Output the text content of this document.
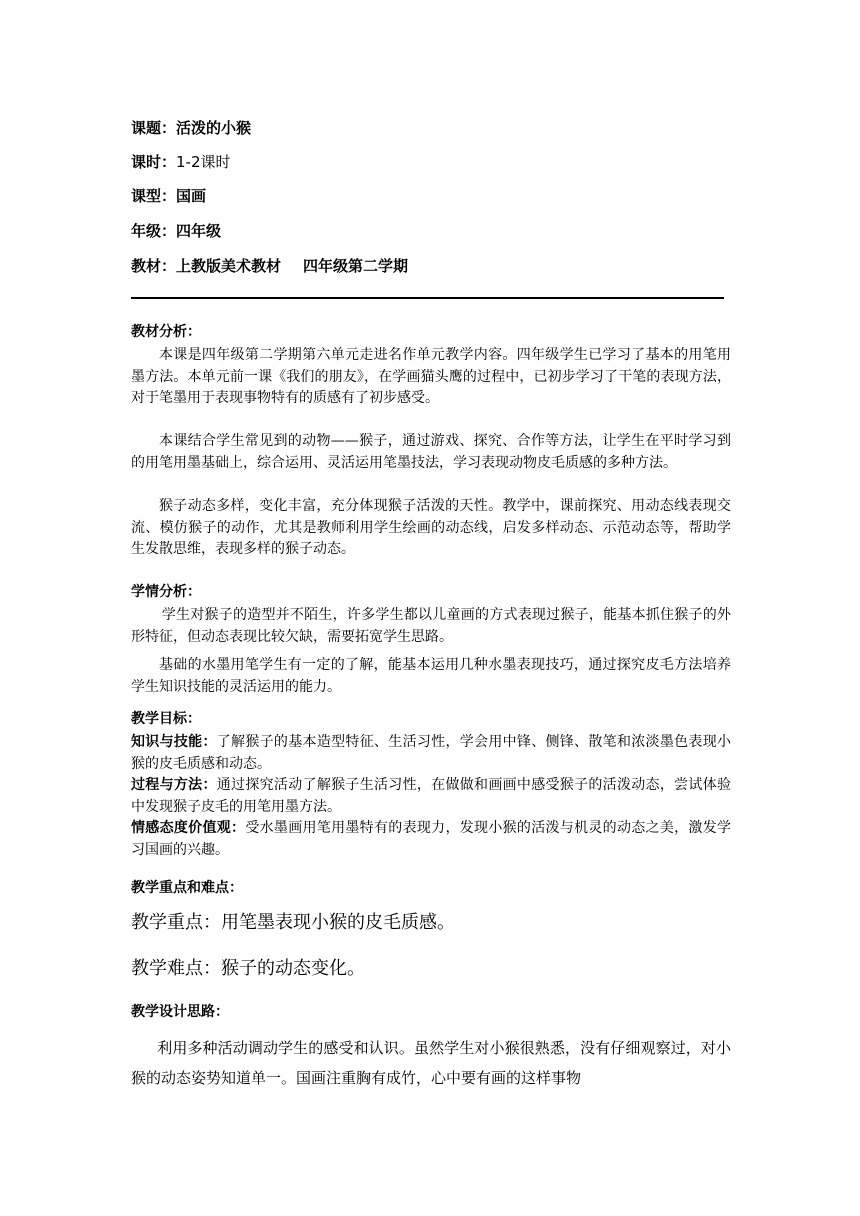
课题：活泼的小猴
课时：1-2课时
课型：国画
年级：四年级
教材：上教版美术教材 四年级第二学期
教材分析：

本课是四年级第二学期第六单元走进名作单元教学内容。四年级学生已学习了基本的用笔用墨方法。本单元前一课《我们的朋友》，在学画猫头鹰的过程中，已初步学习了干笔的表现方法，对于笔墨用于表现事物特有的质感有了初步感受。

本课结合学生常见到的动物——猴子，通过游戏、探究、合作等方法，让学生在平时学习到的用笔用墨基础上，综合运用、灵活运用笔墨技法，学习表现动物皮毛质感的多种方法。

猴子动态多样，变化丰富，充分体现猴子活泼的天性。教学中，课前探究、用动态线表现交流、模仿猴子的动作，尤其是教师利用学生绘画的动态线，启发多样动态、示范动态等，帮助学生发散思维，表现多样的猴子动态。

学情分析：

学生对猴子的造型并不陌生，许多学生都以儿童画的方式表现过猴子，能基本抓住猴子的外形特征，但动态表现比较欠缺，需要拓宽学生思路。

基础的水墨用笔学生有一定的了解，能基本运用几种水墨表现技巧，通过探究皮毛方法培养学生知识技能的灵活运用的能力。

教学目标：

知识与技能：了解猴子的基本造型特征、生活习性，学会用中锋、侧锋、散笔和浓淡墨色表现小猴的皮毛质感和动态。

过程与方法：通过探究活动了解猴子生活习性，在做做和画画中感受猴子的活泼动态，尝试体验中发现猴子皮毛的用笔用墨方法。

情感态度价值观：受水墨画用笔用墨特有的表现力，发现小猴的活泼与机灵的动态之美，激发学习国画的兴趣。

教学重点和难点：
教学重点：用笔墨表现小猴的皮毛质感。
教学难点：猴子的动态变化。
教学设计思路：

利用多种活动调动学生的感受和认识。虽然学生对小猴很熟悉，没有仔细观察过，对小猴的动态姿势知道单一。国画注重胸有成竹，心中要有画的这样事物
